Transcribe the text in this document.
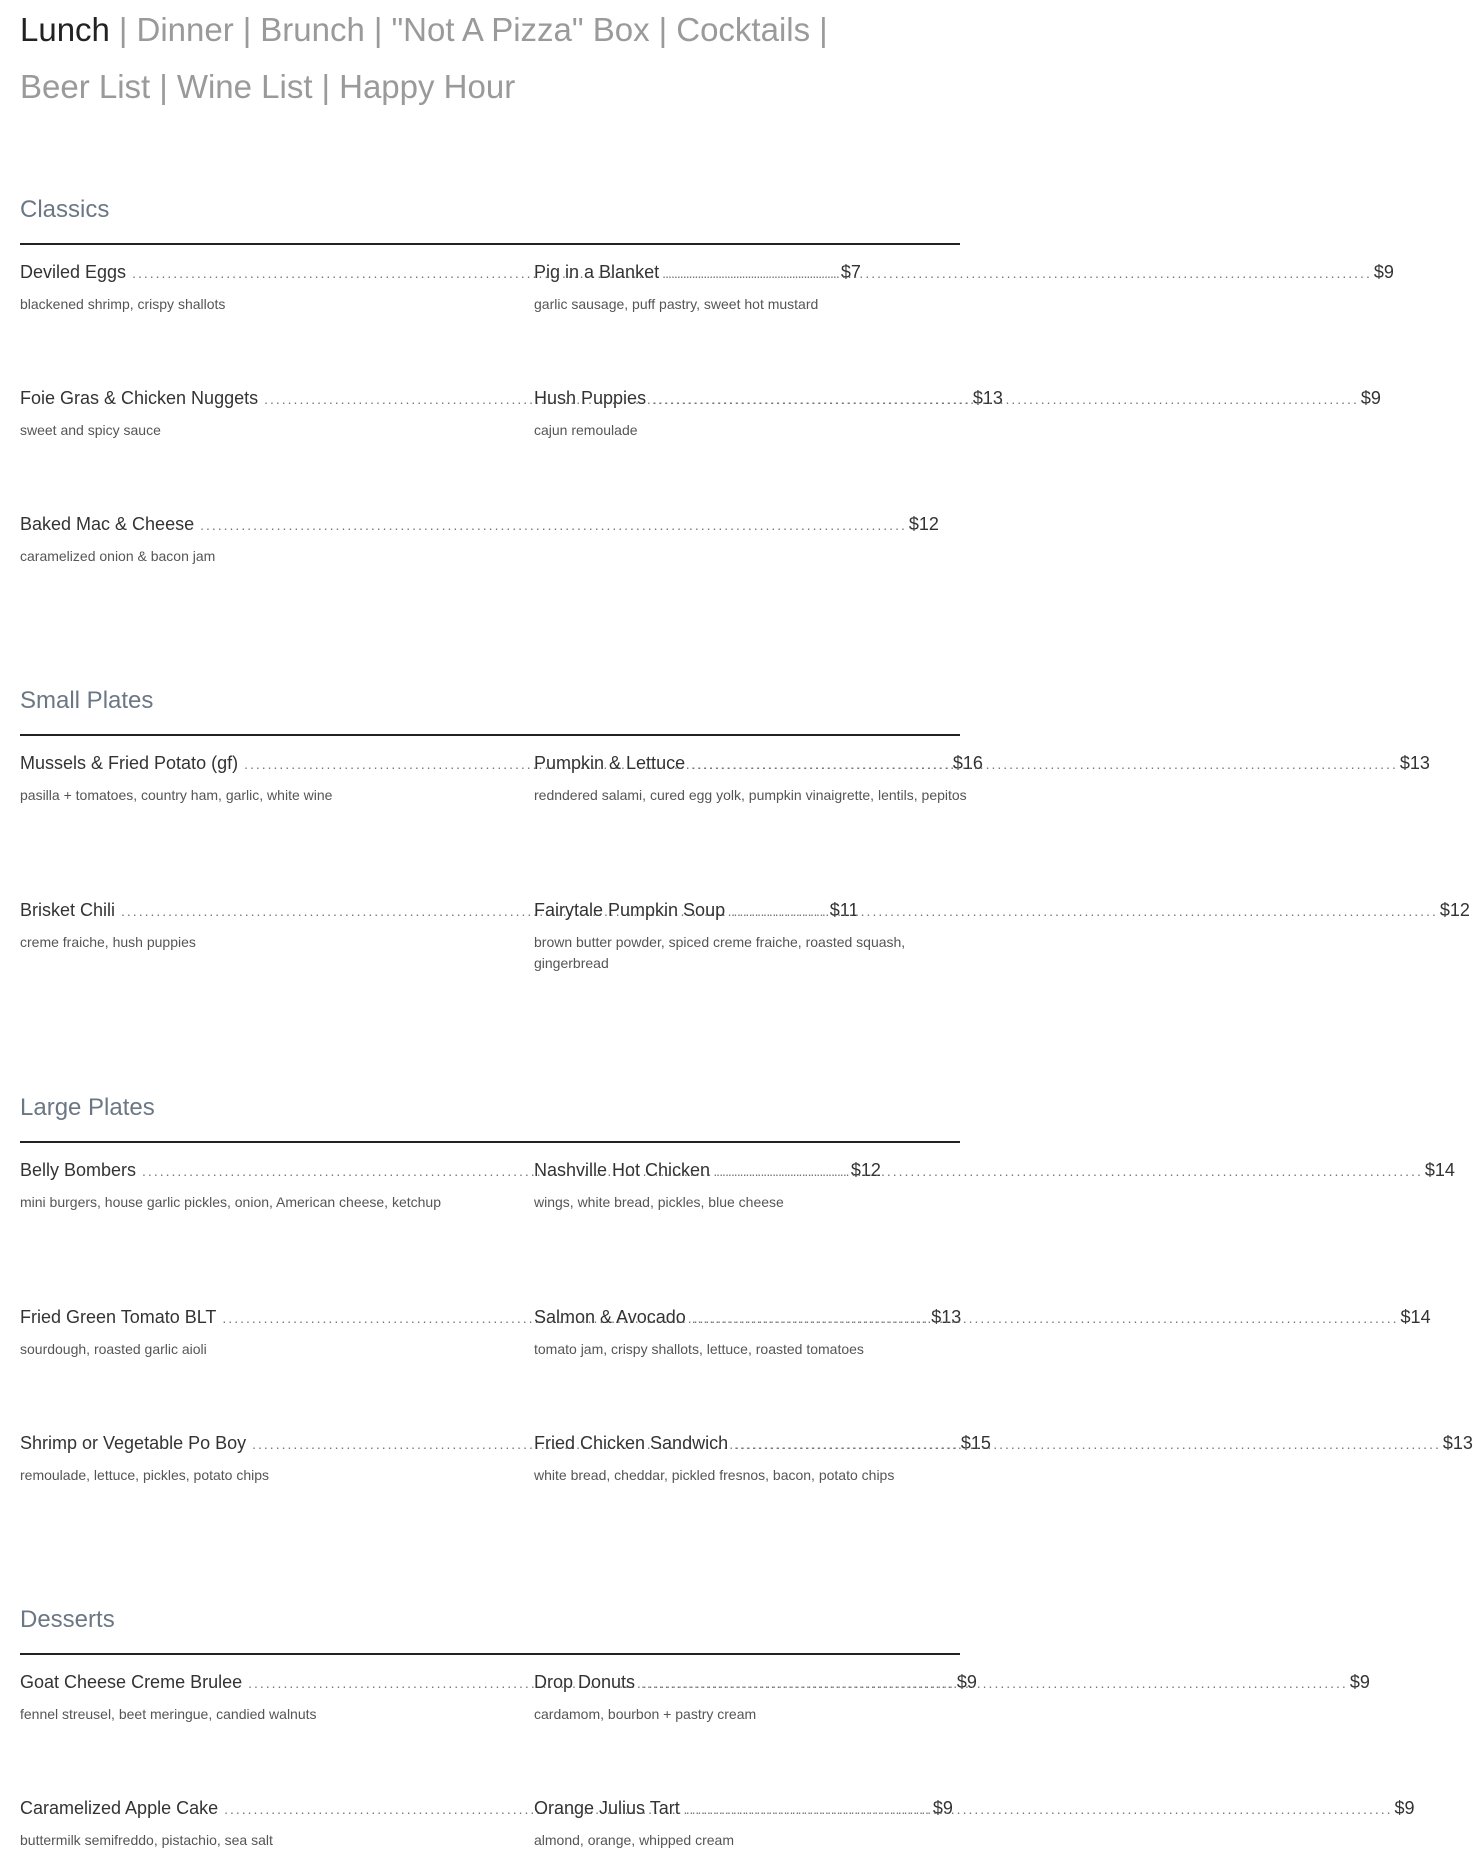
Lunch | Dinner | Brunch | "Not A Pizza" Box | Cocktails |
Beer List | Wine List | Happy Hour
Classics
Deviled Eggs .....	$7

blackened shrimp, crispy shallots

Pig in a Blanket .....	$9

garlic sausage, puff pastry, sweet hot mustard

Foie Gras & Chicken Nuggets .....	$13

sweet and spicy sauce

Hush Puppies .....	$9

cajun remoulade

Baked Mac & Cheese .....	$12

caramelized onion & bacon jam

Small Plates
Mussels & Fried Potato (gf) .....	$16

pasilla + tomatoes, country ham, garlic, white wine

Pumpkin & Lettuce .....	$13

redndered salami, cured egg yolk, pumpkin vinaigrette, lentils, pepitos

Brisket Chili .....	$11

creme fraiche, hush puppies

Fairytale Pumpkin Soup .....	$12

brown butter powder, spiced creme fraiche, roasted squash, gingerbread

Large Plates
Belly Bombers .....	$12

mini burgers, house garlic pickles, onion, American cheese, ketchup

Nashville Hot Chicken .....	$14

wings, white bread, pickles, blue cheese

Fried Green Tomato BLT .....	$13

sourdough, roasted garlic aioli

Salmon & Avocado .....	$14

tomato jam, crispy shallots, lettuce, roasted tomatoes

Shrimp or Vegetable Po Boy .....	$15

remoulade, lettuce, pickles, potato chips

Fried Chicken Sandwich .....	$13

white bread, cheddar, pickled fresnos, bacon, potato chips

Desserts
Goat Cheese Creme Brulee .....	$9

fennel streusel, beet meringue, candied walnuts

Drop Donuts .....	$9

cardamom, bourbon + pastry cream

Caramelized Apple Cake .....	$9

buttermilk semifreddo, pistachio, sea salt

Orange Julius Tart .....	$9

almond, orange, whipped cream
